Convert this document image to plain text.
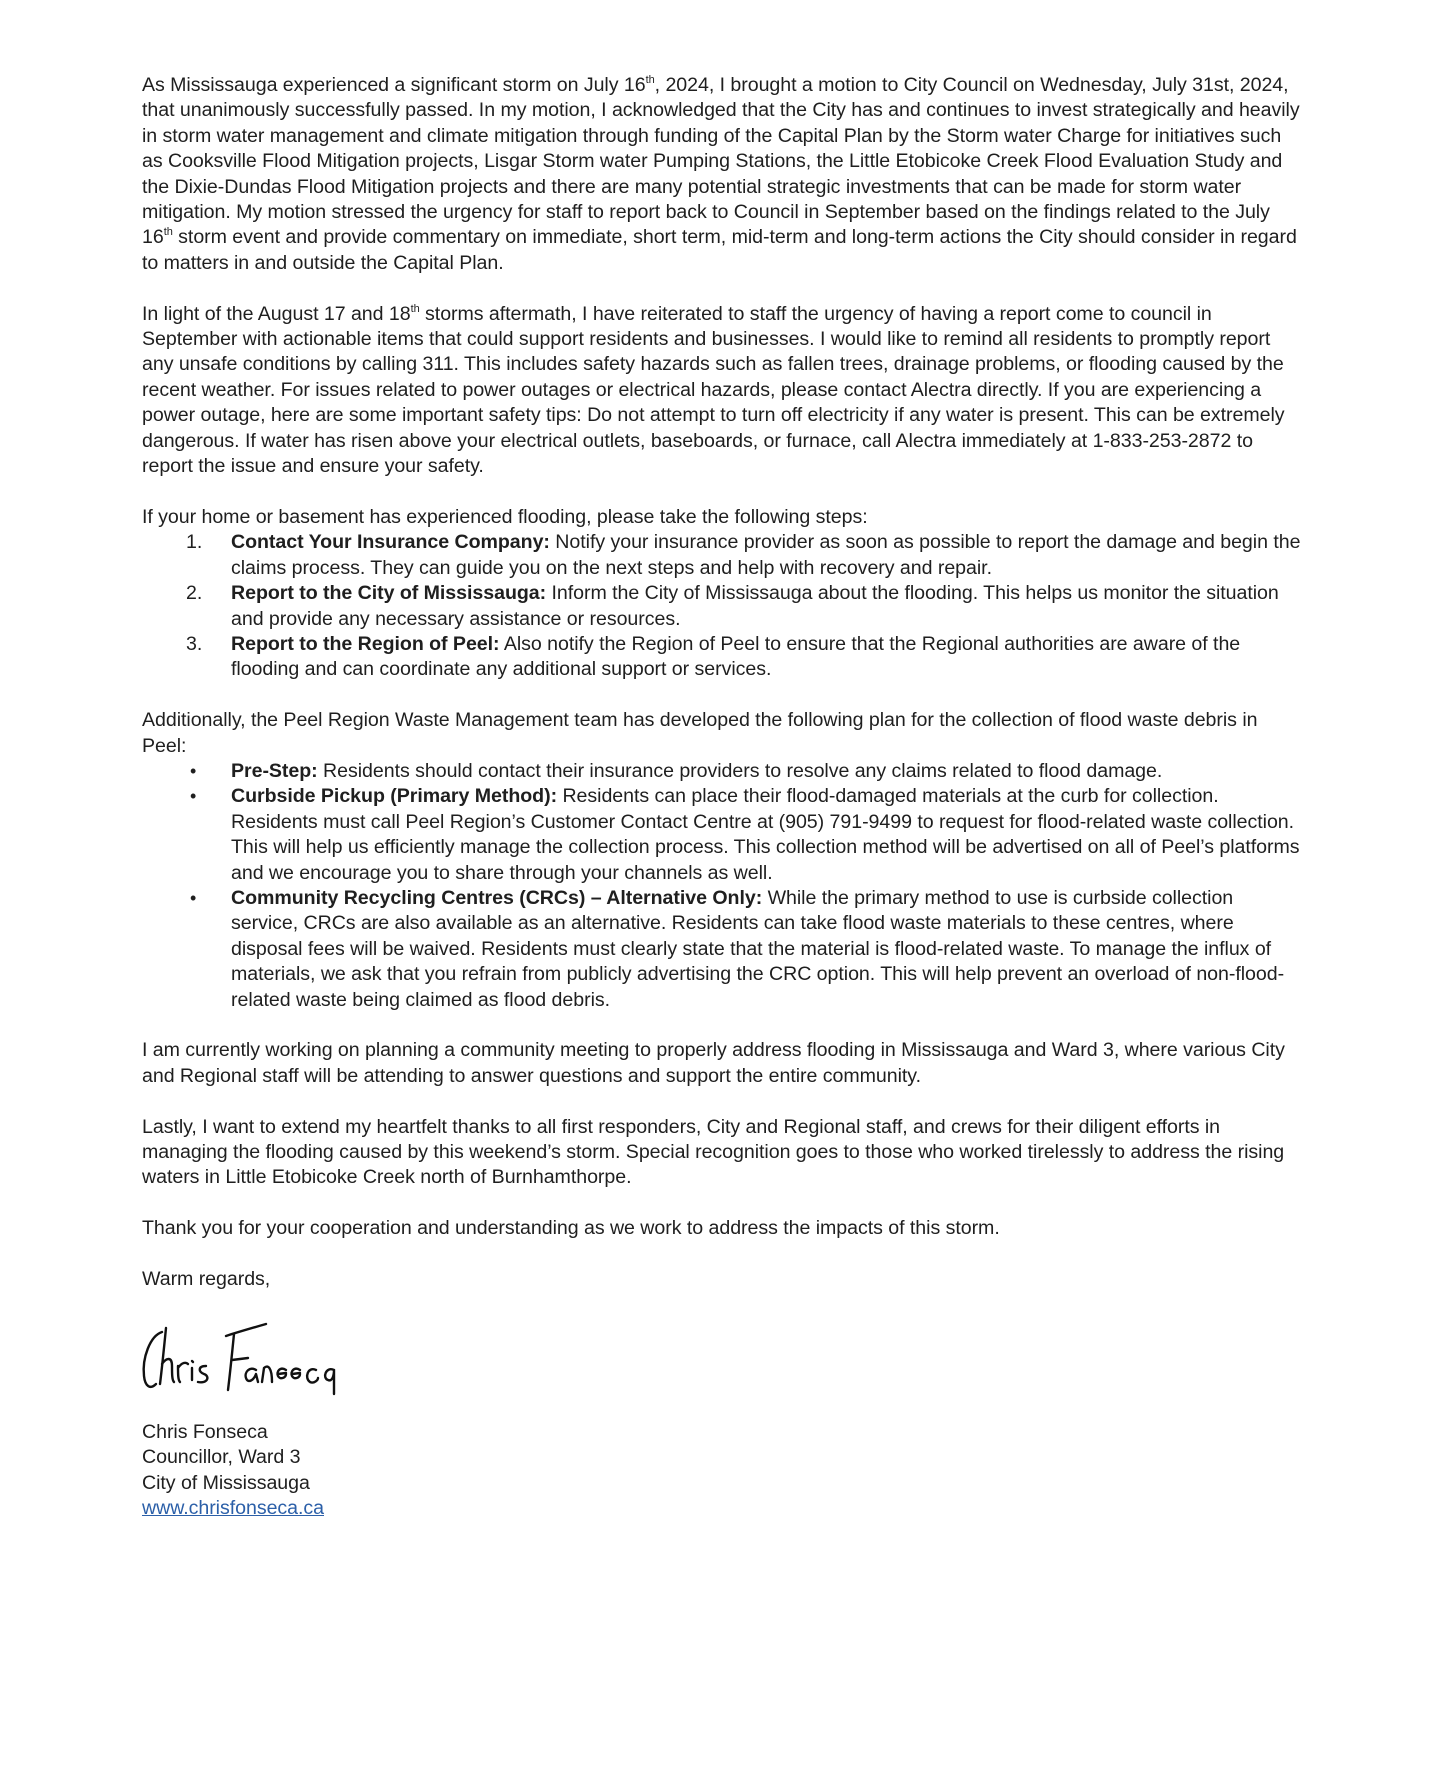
As Mississauga experienced a significant storm on July 16th, 2024, I brought a motion to City Council on Wednesday, July 31st, 2024, that unanimously successfully passed. In my motion, I acknowledged that the City has and continues to invest strategically and heavily in storm water management and climate mitigation through funding of the Capital Plan by the Storm water Charge for initiatives such as Cooksville Flood Mitigation projects, Lisgar Storm water Pumping Stations, the Little Etobicoke Creek Flood Evaluation Study and the Dixie-Dundas Flood Mitigation projects and there are many potential strategic investments that can be made for storm water mitigation. My motion stressed the urgency for staff to report back to Council in September based on the findings related to the July 16th storm event and provide commentary on immediate, short term, mid-term and long-term actions the City should consider in regard to matters in and outside the Capital Plan.

In light of the August 17 and 18th storms aftermath, I have reiterated to staff the urgency of having a report come to council in September with actionable items that could support residents and businesses. I would like to remind all residents to promptly report any unsafe conditions by calling 311. This includes safety hazards such as fallen trees, drainage problems, or flooding caused by the recent weather. For issues related to power outages or electrical hazards, please contact Alectra directly. If you are experiencing a power outage, here are some important safety tips: Do not attempt to turn off electricity if any water is present. This can be extremely dangerous. If water has risen above your electrical outlets, baseboards, or furnace, call Alectra immediately at 1-833-253-2872 to report the issue and ensure your safety.

If your home or basement has experienced flooding, please take the following steps:

1. Contact Your Insurance Company: Notify your insurance provider as soon as possible to report the damage and begin the claims process. They can guide you on the next steps and help with recovery and repair.
2. Report to the City of Mississauga: Inform the City of Mississauga about the flooding. This helps us monitor the situation and provide any necessary assistance or resources.
3. Report to the Region of Peel: Also notify the Region of Peel to ensure that the Regional authorities are aware of the flooding and can coordinate any additional support or services.

Additionally, the Peel Region Waste Management team has developed the following plan for the collection of flood waste debris in Peel:

• Pre-Step: Residents should contact their insurance providers to resolve any claims related to flood damage.
• Curbside Pickup (Primary Method): Residents can place their flood-damaged materials at the curb for collection. Residents must call Peel Region’s Customer Contact Centre at (905) 791-9499 to request for flood-related waste collection. This will help us efficiently manage the collection process. This collection method will be advertised on all of Peel’s platforms and we encourage you to share through your channels as well.
• Community Recycling Centres (CRCs) – Alternative Only: While the primary method to use is curbside collection service, CRCs are also available as an alternative. Residents can take flood waste materials to these centres, where disposal fees will be waived. Residents must clearly state that the material is flood-related waste. To manage the influx of materials, we ask that you refrain from publicly advertising the CRC option. This will help prevent an overload of non-flood-related waste being claimed as flood debris.

I am currently working on planning a community meeting to properly address flooding in Mississauga and Ward 3, where various City and Regional staff will be attending to answer questions and support the entire community.

Lastly, I want to extend my heartfelt thanks to all first responders, City and Regional staff, and crews for their diligent efforts in managing the flooding caused by this weekend’s storm. Special recognition goes to those who worked tirelessly to address the rising waters in Little Etobicoke Creek north of Burnhamthorpe.

Thank you for your cooperation and understanding as we work to address the impacts of this storm.

Warm regards,

Chris Fonseca
Councillor, Ward 3
City of Mississauga
www.chrisfonseca.ca
